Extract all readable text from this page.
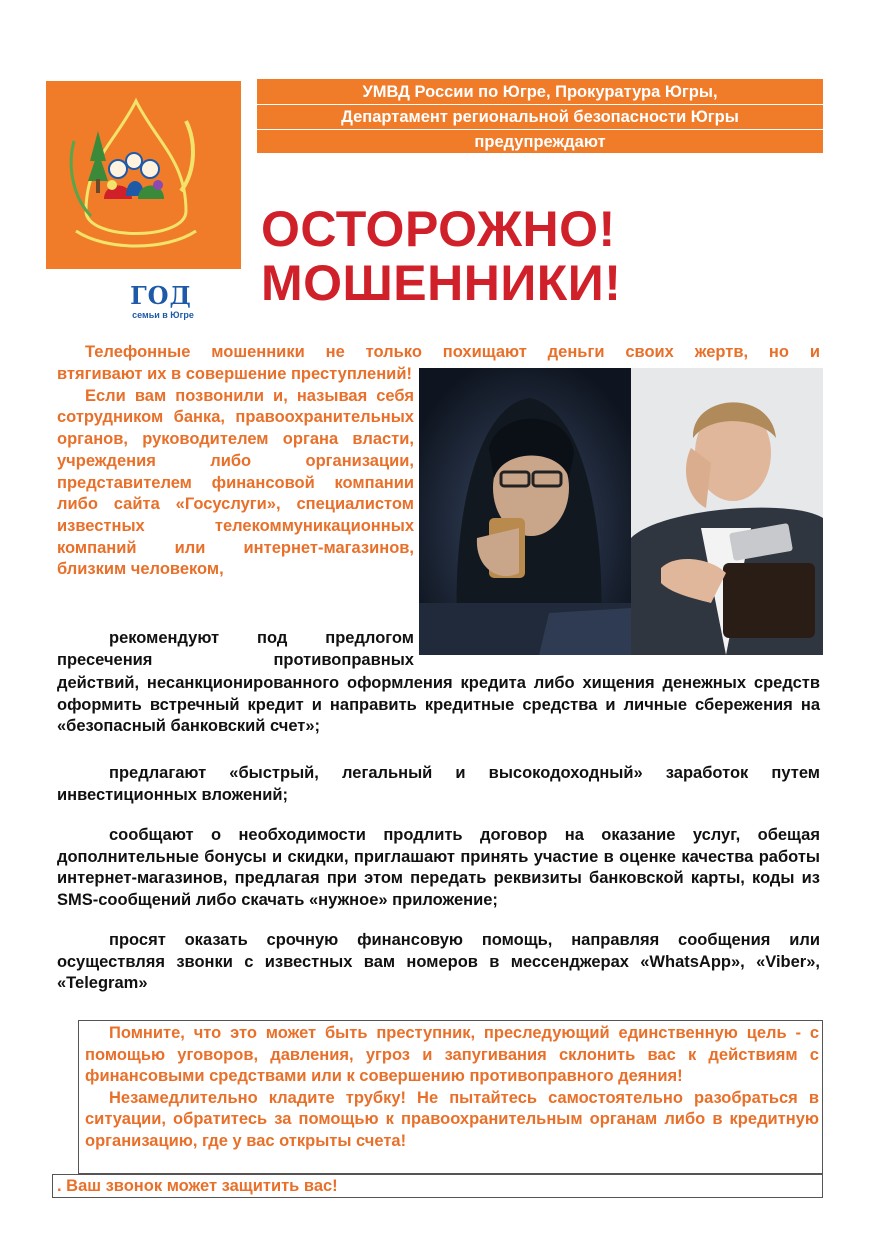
ГОД
семьи в Югре
УМВД России по Югре, Прокуратура Югры,
Департамент региональной безопасности Югры
предупреждают
ОСТОРОЖНО!
МОШЕННИКИ!
Телефонные мошенники не только похищают деньги своих жертв, но и

втягивают их в совершение преступлений!

Если вам позвонили и, называя себя сотрудником банка, правоохранительных органов, руководителем органа власти, учреждения либо организации, представителем финансовой компании либо сайта «Госуслуги», специалистом известных телекоммуникационных компаний или интернет-магазинов, близким человеком,

рекомендуют под предлогом пресечения противоправных

действий, несанкционированного оформления кредита либо хищения денежных средств оформить встречный кредит и направить кредитные средства и личные сбережения на «безопасный банковский счет»;

предлагают «быстрый, легальный и высокодоходный» заработок путем инвестиционных вложений;

сообщают о необходимости продлить договор на оказание услуг, обещая дополнительные бонусы и скидки, приглашают принять участие в оценке качества работы интернет-магазинов, предлагая при этом передать реквизиты банковской карты, коды из SMS-сообщений либо скачать «нужное» приложение;

просят оказать срочную финансовую помощь, направляя сообщения или осуществляя звонки с известных вам номеров в мессенджерах «WhatsApp», «Viber», «Telegram»

Помните, что это может быть преступник, преследующий единственную цель - с помощью уговоров, давления, угроз и запугивания склонить вас к действиям с финансовыми средствами или к совершению противоправного деяния!

Незамедлительно кладите трубку! Не пытайтесь самостоятельно разобраться в ситуации, обратитесь за помощью к правоохранительным органам либо в кредитную организацию, где у вас открыты счета!

. Ваш звонок может защитить вас!
